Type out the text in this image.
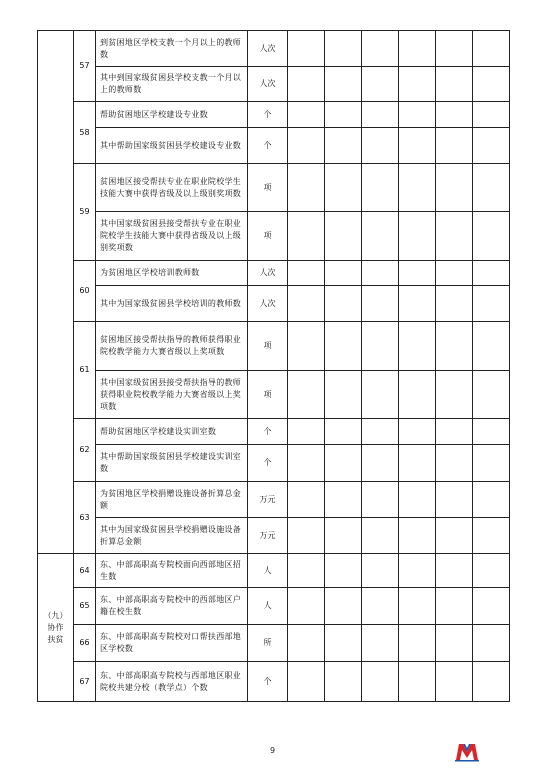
	57	到贫困地区学校支教一个月以上的教师数	人次						
		其中到国家级贫困县学校支教一个月以上的教师数	人次						
	58	帮助贫困地区学校建设专业数	个						
		其中帮助国家级贫困县学校建设专业数	个						
	59	贫困地区接受帮扶专业在职业院校学生技能大赛中获得省级及以上级别奖项数	项						
		其中国家级贫困县接受帮扶专业在职业院校学生技能大赛中获得省级及以上级别奖项数	项						
	60	为贫困地区学校培训教师数	人次						
		其中为国家级贫困县学校培训的教师数	人次						
	61	贫困地区接受帮扶指导的教师获得职业院校教学能力大赛省级以上奖项数	项						
		其中国家级贫困县接受帮扶指导的教师获得职业院校教学能力大赛省级以上奖项数	项						
	62	帮助贫困地区学校建设实训室数	个						
		其中帮助国家级贫困县学校建设实训室数	个						
	63	为贫困地区学校捐赠设施设备折算总金额	万元						
		其中为国家级贫困县学校捐赠设施设备折算总金额	万元						

（九）
协作
扶贫	64	东、中部高职高专院校面向西部地区招生数	人						
	65	东、中部高职高专院校中的西部地区户籍在校生数	人						
	66	东、中部高职高专院校对口帮扶西部地区学校数	所						
	67	东、中部高职高专院校与西部地区职业院校共建分校（教学点）个数	个						
9
